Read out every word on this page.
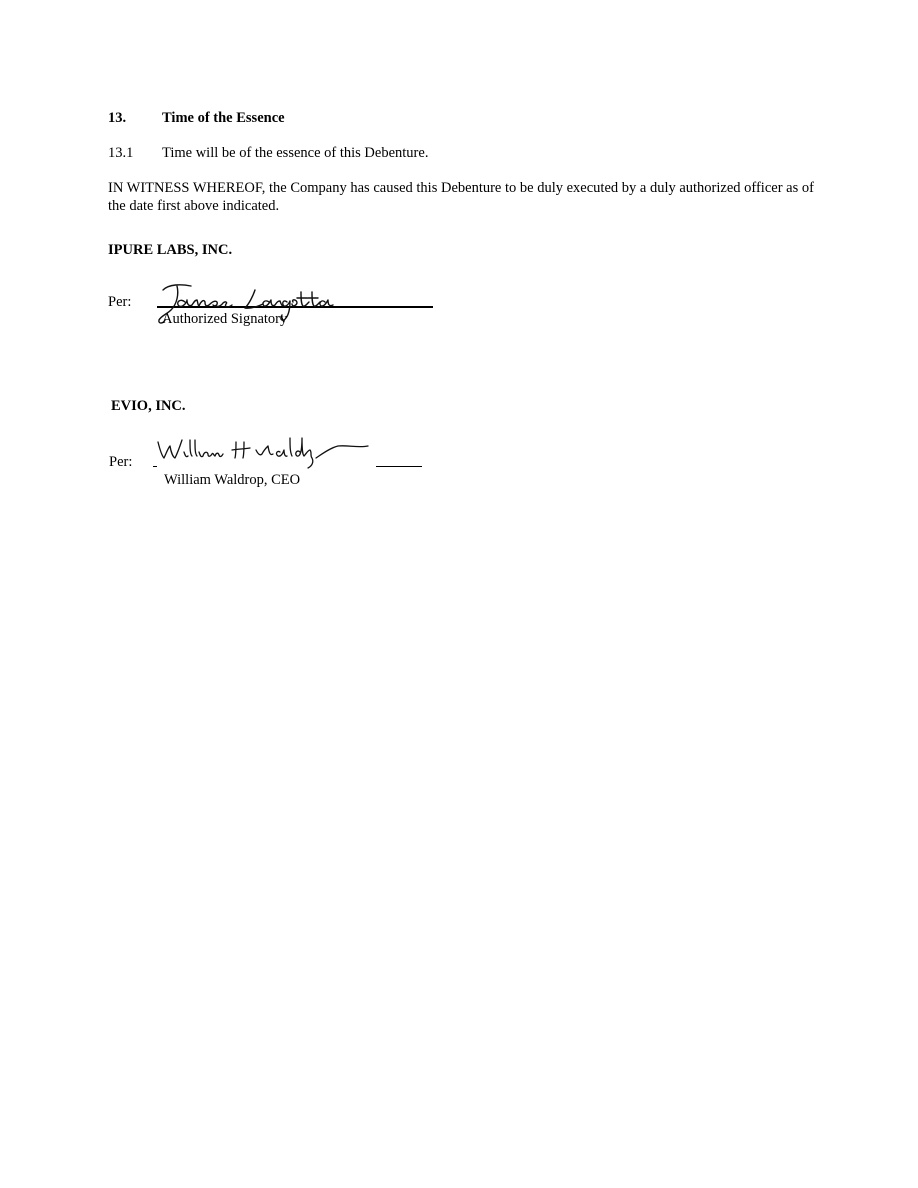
13. Time of the Essence
13.1 Time will be of the essence of this Debenture.
IN WITNESS WHEREOF, the Company has caused this Debenture to be duly executed by a duly authorized officer as of the date first above indicated.
IPURE LABS, INC.
Per:
Authorized Signatory
EVIO, INC.
Per:
William Waldrop, CEO
